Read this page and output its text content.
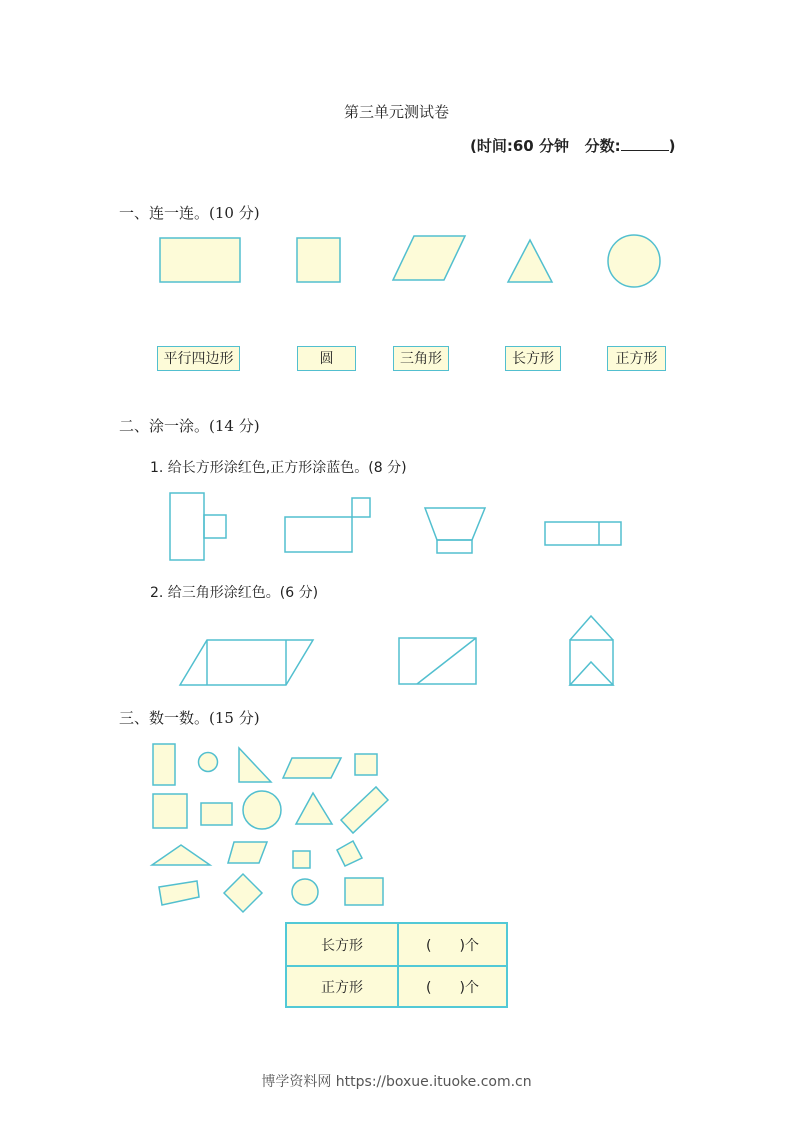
第三单元测试卷
(时间:60 分钟 分数:	)
一、连一连。(10 分)
二、涂一涂。(14 分)
1. 给长方形涂红色,正方形涂蓝色。(8 分)
2. 给三角形涂红色。(6 分)
三、数一数。(15 分)
平行四边形	圆	三角形	长方形	正方形
长方形	(　　)个
正方形	(　　)个
博学资料网 https://boxue.ituoke.com.cn
